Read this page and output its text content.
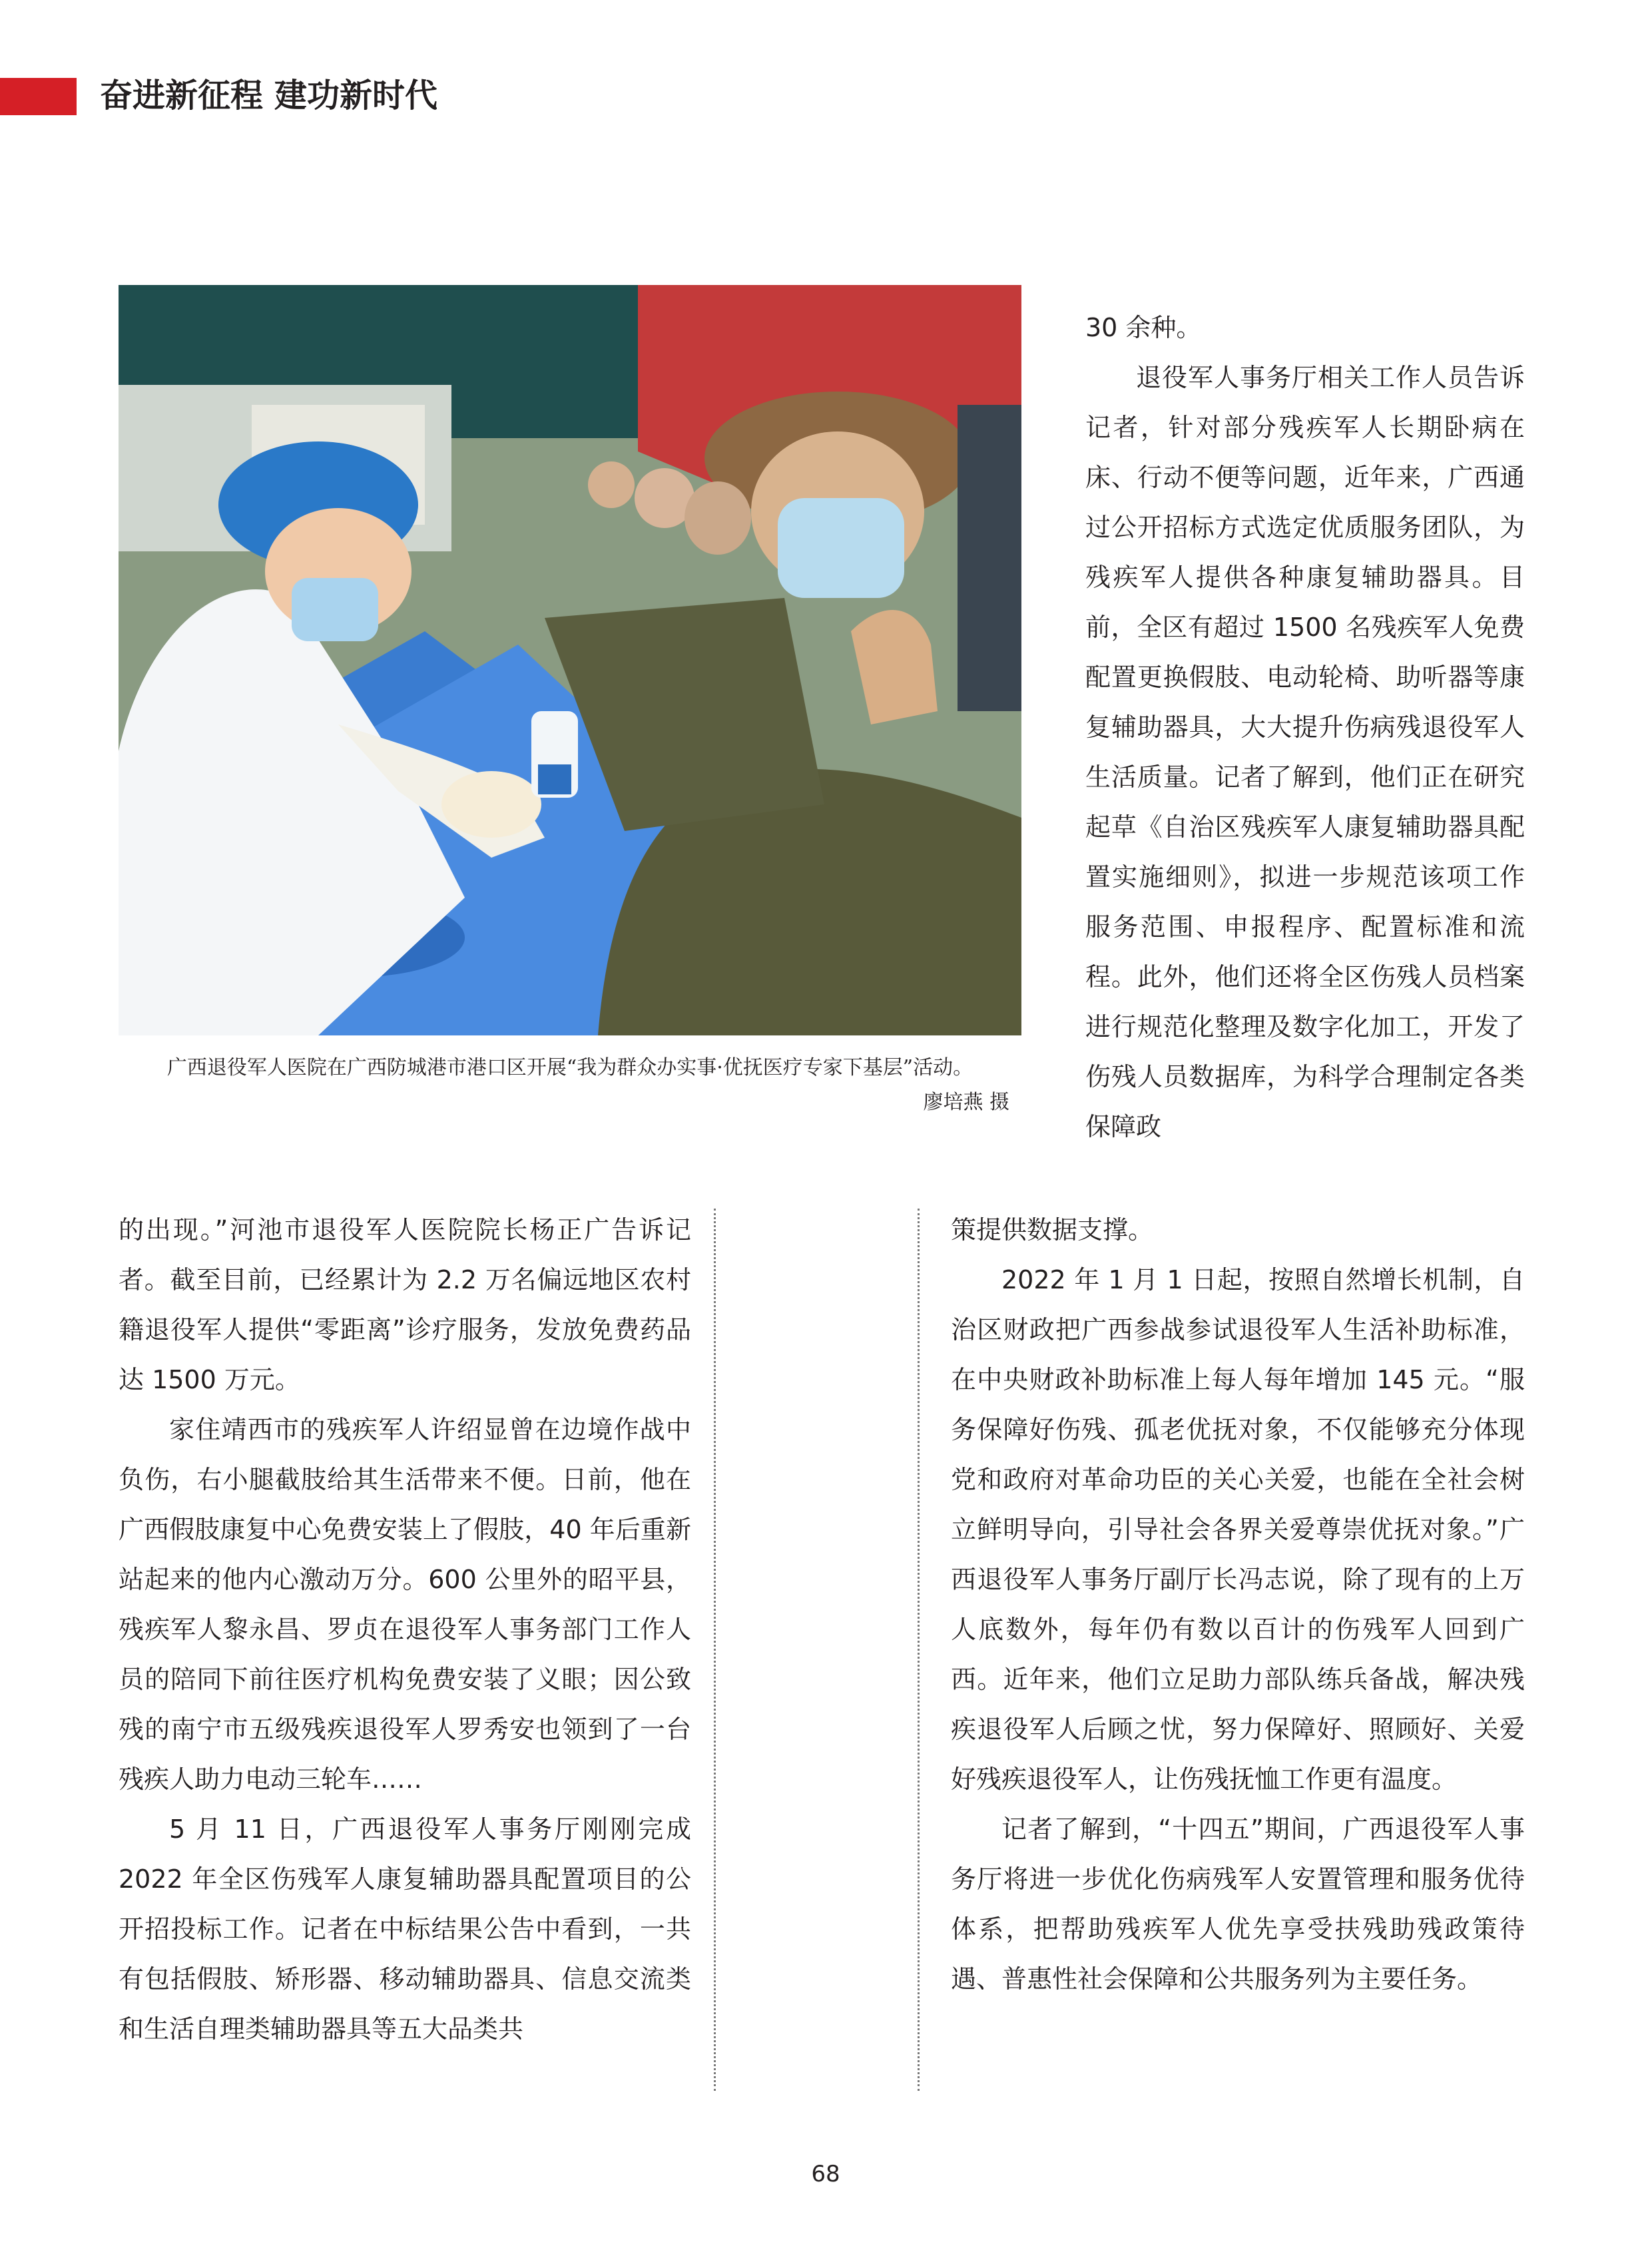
奋进新征程 建功新时代
广西退役军人医院在广西防城港市港口区开展“我为群众办实事·优抚医疗专家下基层”活动。
廖培燕 摄

30 余种。

退役军人事务厅相关工作人员告诉记者，针对部分残疾军人长期卧病在床、行动不便等问题，近年来，广西通过公开招标方式选定优质服务团队，为残疾军人提供各种康复辅助器具。目前，全区有超过 1500 名残疾军人免费配置更换假肢、电动轮椅、助听器等康复辅助器具，大大提升伤病残退役军人生活质量。记者了解到，他们正在研究起草《自治区残疾军人康复辅助器具配置实施细则》，拟进一步规范该项工作服务范围、申报程序、配置标准和流程。此外，他们还将全区伤残人员档案进行规范化整理及数字化加工，开发了伤残人员数据库，为科学合理制定各类保障政

的出现。”河池市退役军人医院院长杨正广告诉记者。截至目前，已经累计为 2.2 万名偏远地区农村籍退役军人提供“零距离”诊疗服务，发放免费药品达 1500 万元。

家住靖西市的残疾军人许绍显曾在边境作战中负伤，右小腿截肢给其生活带来不便。日前，他在广西假肢康复中心免费安装上了假肢，40 年后重新站起来的他内心激动万分。600 公里外的昭平县，残疾军人黎永昌、罗贞在退役军人事务部门工作人员的陪同下前往医疗机构免费安装了义眼；因公致残的南宁市五级残疾退役军人罗秀安也领到了一台残疾人助力电动三轮车……

5 月 11 日，广西退役军人事务厅刚刚完成 2022 年全区伤残军人康复辅助器具配置项目的公开招投标工作。记者在中标结果公告中看到，一共有包括假肢、矫形器、移动辅助器具、信息交流类和生活自理类辅助器具等五大品类共

策提供数据支撑。

2022 年 1 月 1 日起，按照自然增长机制，自治区财政把广西参战参试退役军人生活补助标准，在中央财政补助标准上每人每年增加 145 元。“服务保障好伤残、孤老优抚对象，不仅能够充分体现党和政府对革命功臣的关心关爱，也能在全社会树立鲜明导向，引导社会各界关爱尊崇优抚对象。”广西退役军人事务厅副厅长冯志说，除了现有的上万人底数外，每年仍有数以百计的伤残军人回到广西。近年来，他们立足助力部队练兵备战，解决残疾退役军人后顾之忧，努力保障好、照顾好、关爱好残疾退役军人，让伤残抚恤工作更有温度。

记者了解到，“十四五”期间，广西退役军人事务厅将进一步优化伤病残军人安置管理和服务优待体系，把帮助残疾军人优先享受扶残助残政策待遇、普惠性社会保障和公共服务列为主要任务。

68
